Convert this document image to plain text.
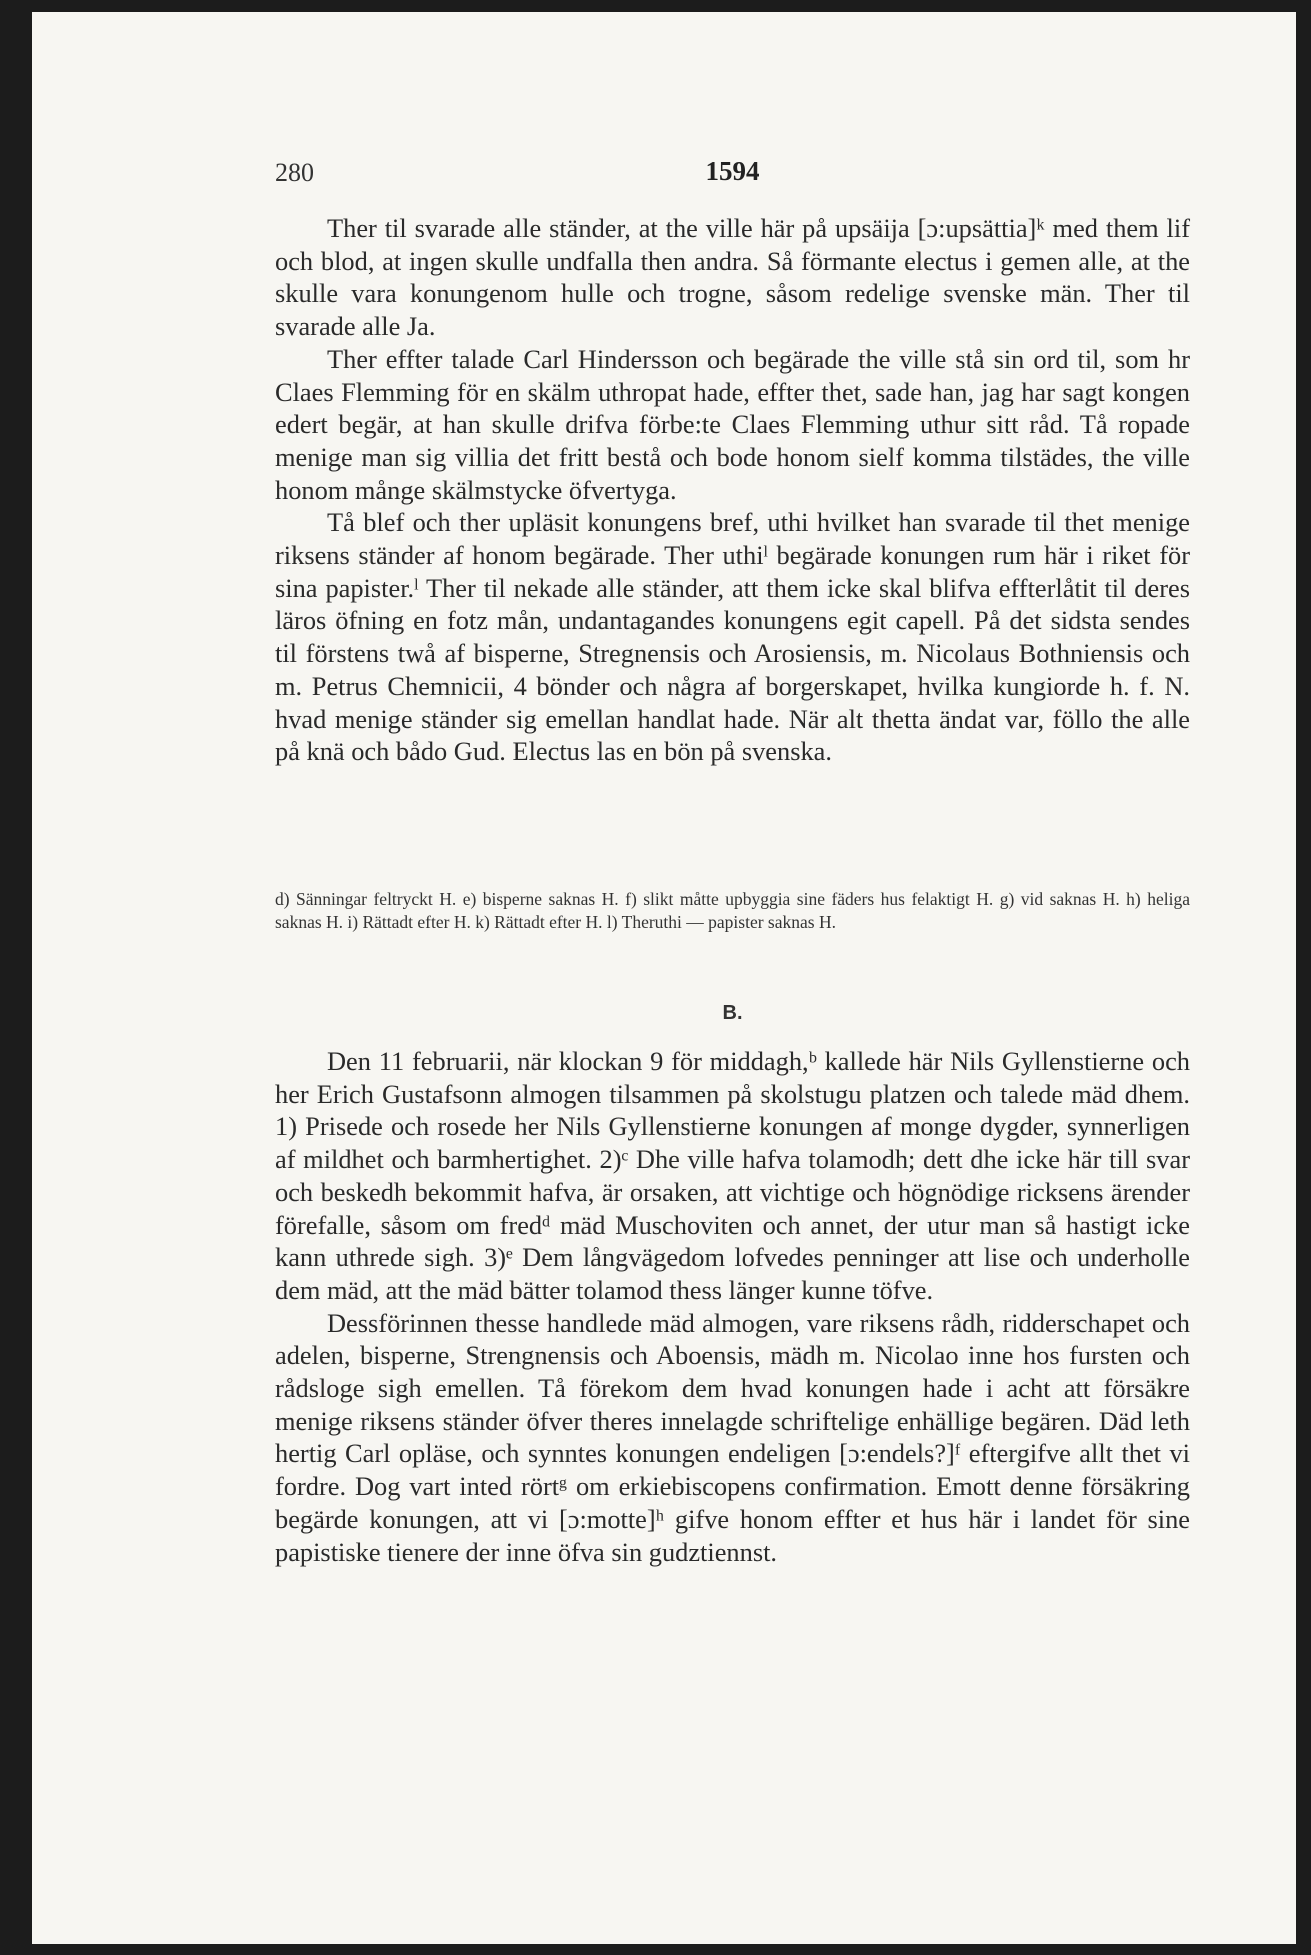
280	1594

Ther til svarade alle ständer, at the ville här på upsäija [ɔ:upsättia]ᵏ med them lif och blod, at ingen skulle undfalla then andra. Så förmante electus i gemen alle, at the skulle vara konungenom hulle och trogne, såsom redelige svenske män. Ther til svarade alle Ja.

Ther effter talade Carl Hindersson och begärade the ville stå sin ord til, som hr Claes Flemming för en skälm uthropat hade, effter thet, sade han, jag har sagt kongen edert begär, at han skulle drifva förbe:te Claes Flemming uthur sitt råd. Tå ropade menige man sig villia det fritt bestå och bode honom sielf komma tilstädes, the ville honom månge skälmstycke öfvertyga.

Tå blef och ther upläsit konungens bref, uthi hvilket han svarade til thet menige riksens ständer af honom begärade. Ther uthiˡ begärade konungen rum här i riket för sina papister.ˡ Ther til nekade alle ständer, att them icke skal blifva effterlåtit til deres läros öfning en fotz mån, undantagandes konungens egit capell. På det sidsta sendes til förstens twå af bisperne, Stregnensis och Arosiensis, m. Nicolaus Bothniensis och m. Petrus Chemnicii, 4 bönder och några af borgerskapet, hvilka kungiorde h. f. N. hvad menige ständer sig emellan handlat hade. När alt thetta ändat var, föllo the alle på knä och bådo Gud. Electus las en bön på svenska.

d) Sänningar feltryckt H. e) bisperne saknas H. f) slikt måtte upbyggia sine fäders hus felaktigt H. g) vid saknas H. h) heliga saknas H. i) Rättadt efter H. k) Rättadt efter H. l) Theruthi — papister saknas H.
B.

Den 11 februarii, när klockan 9 för middagh,ᵇ kallede här Nils Gyllenstierne och her Erich Gustafsonn almogen tilsammen på skolstugu platzen och talede mäd dhem. 1) Prisede och rosede her Nils Gyllenstierne konungen af monge dygder, synnerligen af mildhet och barmhertighet. 2)ᶜ Dhe ville hafva tolamodh; dett dhe icke här till svar och beskedh bekommit hafva, är orsaken, att vichtige och högnödige ricksens ärender förefalle, såsom om fredᵈ mäd Muschoviten och annet, der utur man så hastigt icke kann uthrede sigh. 3)ᵉ Dem långvägedom lofvedes penninger att lise och underholle dem mäd, att the mäd bätter tolamod thess länger kunne töfve.

Dessförinnen thesse handlede mäd almogen, vare riksens rådh, ridderschapet och adelen, bisperne, Strengnensis och Aboensis, mädh m. Nicolao inne hos fursten och rådsloge sigh emellen. Tå förekom dem hvad konungen hade i acht att försäkre menige riksens ständer öfver theres innelagde schriftelige enhällige begären. Däd leth hertig Carl opläse, och synntes konungen endeligen [ɔ:endels?]ᶠ eftergifve allt thet vi fordre. Dog vart inted rörtᵍ om erkiebiscopens confirmation. Emott denne försäkring begärde konungen, att vi [ɔ:motte]ʰ gifve honom effter et hus här i landet för sine papistiske tienere der inne öfva sin gudztiennst.
